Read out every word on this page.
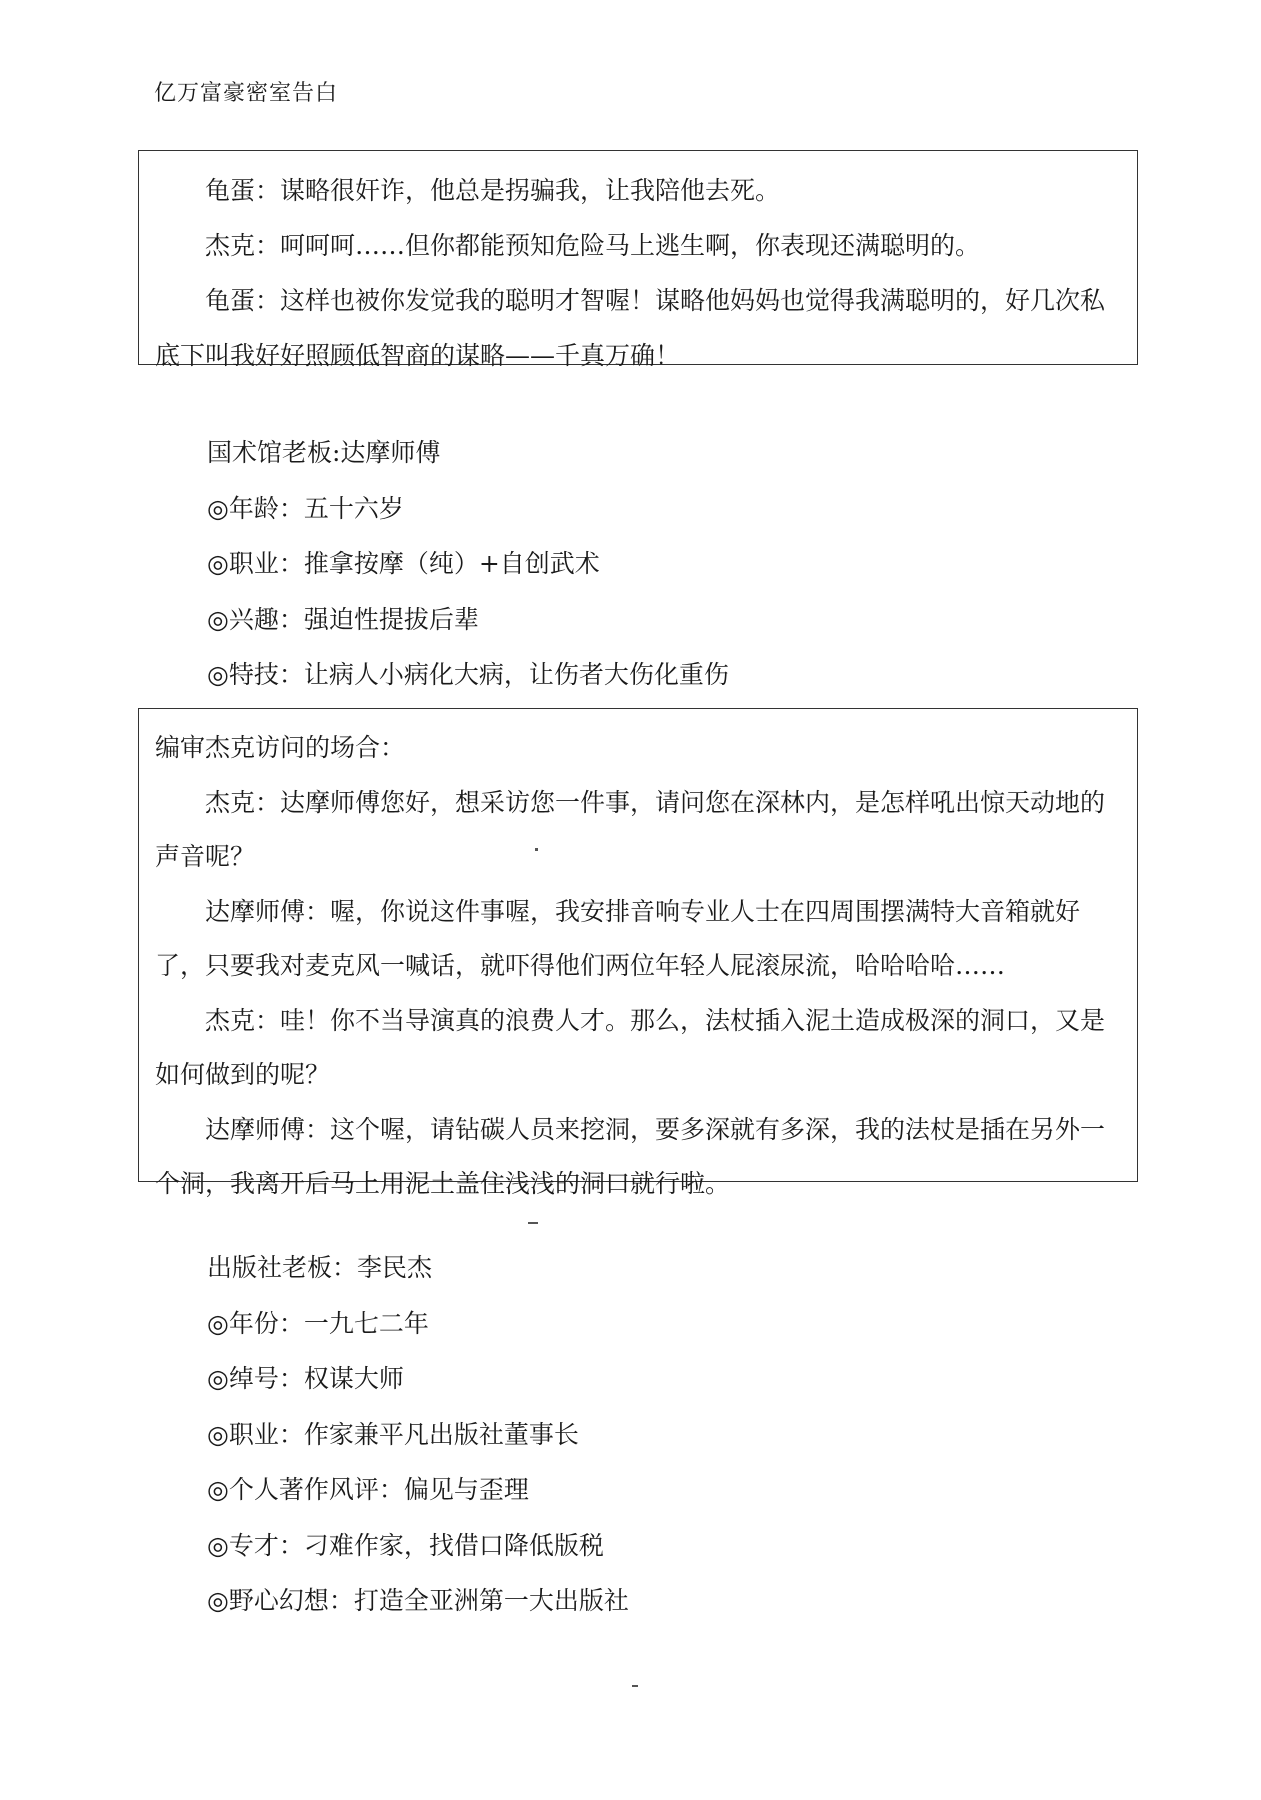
亿万富豪密室告白

龟蛋：谋略很奸诈，他总是拐骗我，让我陪他去死。

杰克：呵呵呵……但你都能预知危险马上逃生啊，你表现还满聪明的。

龟蛋：这样也被你发觉我的聪明才智喔！谋略他妈妈也觉得我满聪明的，好几次私底下叫我好好照顾低智商的谋略——千真万确！

国术馆老板:达摩师傅
◎年龄：五十六岁
◎职业：推拿按摩（纯）+自创武术
◎兴趣：强迫性提拔后辈
◎特技：让病人小病化大病，让伤者大伤化重伤

编审杰克访问的场合：

杰克：达摩师傅您好，想采访您一件事，请问您在深林内，是怎样吼出惊天动地的声音呢？

达摩师傅：喔，你说这件事喔，我安排音响专业人士在四周围摆满特大音箱就好了，只要我对麦克风一喊话，就吓得他们两位年轻人屁滚尿流，哈哈哈哈……

杰克：哇！你不当导演真的浪费人才。那么，法杖插入泥土造成极深的洞口，又是如何做到的呢？

达摩师傅：这个喔，请钻碳人员来挖洞，要多深就有多深，我的法杖是插在另外一个洞，我离开后马上用泥土盖住浅浅的洞口就行啦。

出版社老板：李民杰
◎年份：一九七二年
◎绰号：权谋大师
◎职业：作家兼平凡出版社董事长
◎个人著作风评：偏见与歪理
◎专才：刁难作家，找借口降低版税
◎野心幻想：打造全亚洲第一大出版社
